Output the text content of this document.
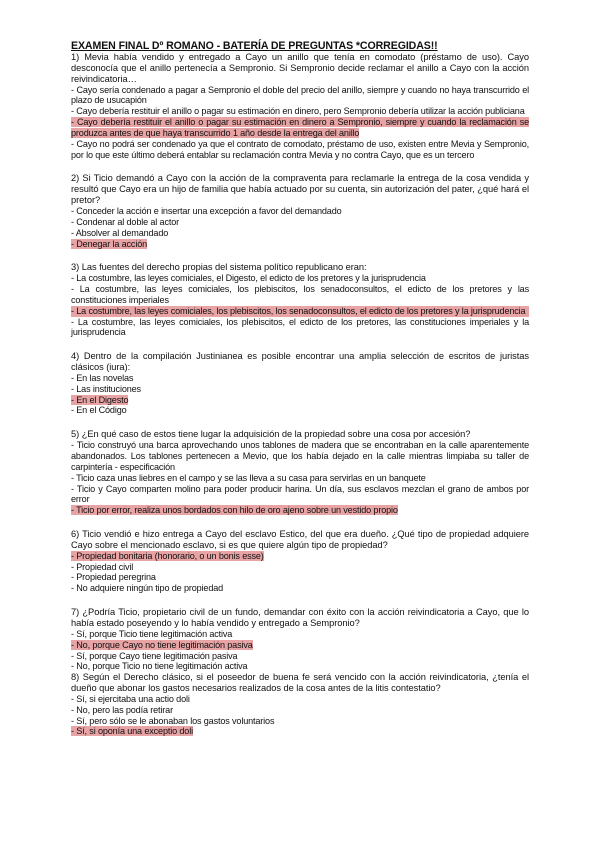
EXAMEN FINAL Dº ROMANO - BATERÍA DE PREGUNTAS *CORREGIDAS!!

1) Mevia había vendido y entregado a Cayo un anillo que tenía en comodato (préstamo de uso). Cayo desconocía que el anillo pertenecía a Sempronio. Si Sempronio decide reclamar el anillo a Cayo con la acción reivindicatoria…

- Cayo sería condenado a pagar a Sempronio el doble del precio del anillo, siempre y cuando no haya transcurrido el plazo de usucapión

- Cayo debería restituir el anillo o pagar su estimación en dinero, pero Sempronio debería utilizar la acción publiciana

- Cayo debería restituir el anillo o pagar su estimación en dinero a Sempronio, siempre y cuando la reclamación se produzca antes de que haya transcurrido 1 año desde la entrega del anillo

- Cayo no podrá ser condenado ya que el contrato de comodato, préstamo de uso, existen entre Mevia y Sempronio, por lo que este último deberá entablar su reclamación contra Mevia y no contra Cayo, que es un tercero

2) Si Ticio demandó a Cayo con la acción de la compraventa para reclamarle la entrega de la cosa vendida y resultó que Cayo era un hijo de familia que había actuado por su cuenta, sin autorización del pater, ¿qué hará el pretor?

- Conceder la acción e insertar una excepción a favor del demandado

- Condenar al doble al actor

- Absolver al demandado

- Denegar la acción

3) Las fuentes del derecho propias del sistema político republicano eran:

- La costumbre, las leyes comiciales, el Digesto, el edicto de los pretores y la jurisprudencia

- La costumbre, las leyes comiciales, los plebiscitos, los senadoconsultos, el edicto de los pretores y las constituciones imperiales

- La costumbre, las leyes comiciales, los plebiscitos, los senadoconsultos, el edicto de los pretores y la jurisprudencia

- La costumbre, las leyes comiciales, los plebiscitos, el edicto de los pretores, las constituciones imperiales y la jurisprudencia

4) Dentro de la compilación Justinianea es posible encontrar una amplia selección de escritos de juristas clásicos (iura):

- En las novelas

- Las instituciones

- En el Digesto

- En el Código

5) ¿En qué caso de estos tiene lugar la adquisición de la propiedad sobre una cosa por accesión?

- Ticio construyó una barca aprovechando unos tablones de madera que se encontraban en la calle aparentemente abandonados. Los tablones pertenecen a Mevio, que los había dejado en la calle mientras limpiaba su taller de carpintería - especificación

- Ticio caza unas liebres en el campo y se las lleva a su casa para servirlas en un banquete

- Ticio y Cayo comparten molino para poder producir harina. Un día, sus esclavos mezclan el grano de ambos por error

- Ticio por error, realiza unos bordados con hilo de oro ajeno sobre un vestido propio

6) Ticio vendió e hizo entrega a Cayo del esclavo Estico, del que era dueño. ¿Qué tipo de propiedad adquiere Cayo sobre el mencionado esclavo, si es que quiere algún tipo de propiedad?

- Propiedad bonitaria (honorario, o un bonis esse)

- Propiedad civil

- Propiedad peregrina

- No adquiere ningún tipo de propiedad

7) ¿Podría Ticio, propietario civil de un fundo, demandar con éxito con la acción reivindicatoria a Cayo, que lo había estado poseyendo y lo había vendido y entregado a Sempronio?

- Sí, porque Ticio tiene legitimación activa

- No, porque Cayo no tiene legitimación pasiva

- Sí, porque Cayo tiene legitimación pasiva

- No, porque Ticio no tiene legitimación activa

8) Según el Derecho clásico, si el poseedor de buena fe será vencido con la acción reivindicatoria, ¿tenía el dueño que abonar los gastos necesarios realizados de la cosa antes de la litis contestatio?

- Sí, si ejercitaba una actio doli

- No, pero las podía retirar

- Sí, pero sólo se le abonaban los gastos voluntarios

- Sí, si oponía una exceptio doli
